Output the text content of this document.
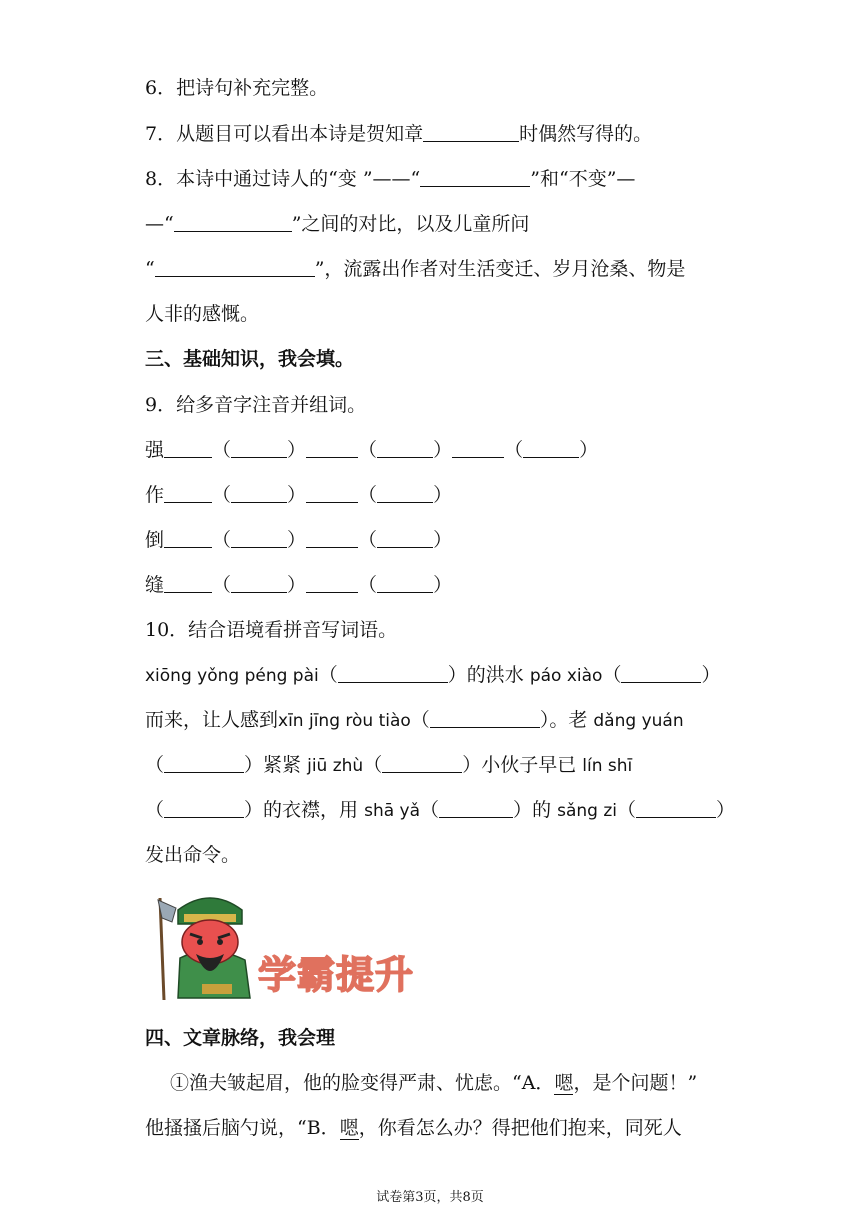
6．把诗句补充完整。
7．从题目可以看出本诗是贺知章	时偶然写得的。
8．本诗中通过诗人的“变 ”——“	”和“不变”—
—“	”之间的对比，以及儿童所问
“	”，流露出作者对生活变迁、岁月沧桑、物是
人非的感慨。
三、基础知识，我会填。
9．给多音字注音并组词。
强	（	）	（	）	（	）
作	（	）	（	）
倒	（	）	（	）
缝	（	）	（	）
10．结合语境看拼音写词语。
xiōng yǒng péng pài（	）的洪水 páo xiào（	）
而来，让人感到xīn jīng ròu tiào（	）。老 dǎng yuán
（	）紧紧 jiū zhù（	）小伙子早已 lín shī
（	）的衣襟，用 shā yǎ（	）的 sǎng zi（	）
发出命令。
学霸提升
四、文章脉络，我会理
①渔夫皱起眉，他的脸变得严肃、忧虑。“A．嗯，是个问题！”
他搔搔后脑勺说，“B．嗯，你看怎么办？得把他们抱来，同死人
试卷第3页，共8页
